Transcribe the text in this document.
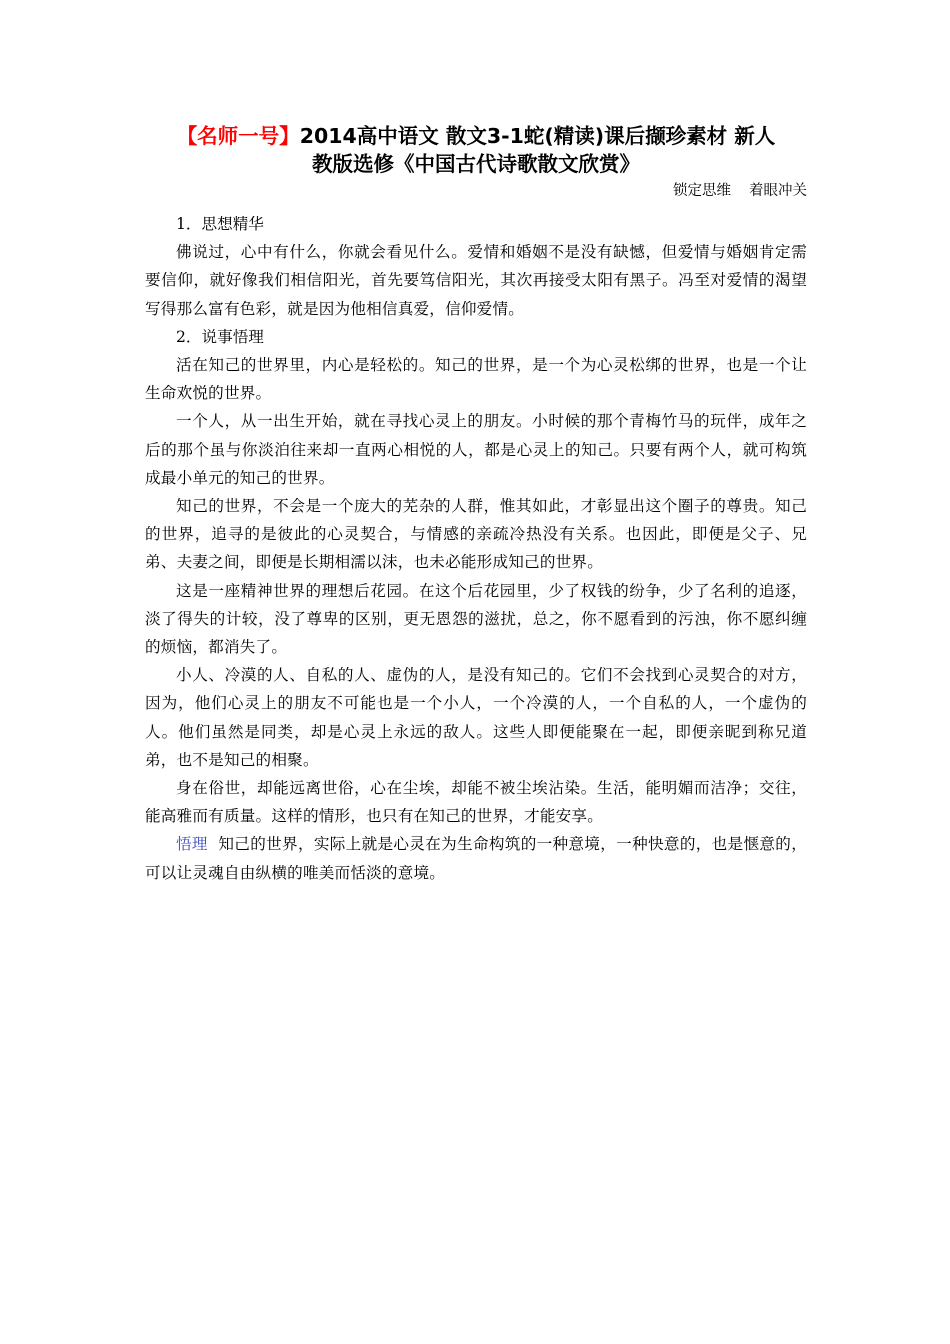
【名师一号】2014高中语文 散文3-1蛇(精读)课后撷珍素材 新人
教版选修《中国古代诗歌散文欣赏》
锁定思维 着眼冲关

1．思想精华

佛说过，心中有什么，你就会看见什么。爱情和婚姻不是没有缺憾，但爱情与婚姻肯定需要信仰，就好像我们相信阳光，首先要笃信阳光，其次再接受太阳有黑子。冯至对爱情的渴望写得那么富有色彩，就是因为他相信真爱，信仰爱情。

2．说事悟理

活在知己的世界里，内心是轻松的。知己的世界，是一个为心灵松绑的世界，也是一个让生命欢悦的世界。

一个人，从一出生开始，就在寻找心灵上的朋友。小时候的那个青梅竹马的玩伴，成年之后的那个虽与你淡泊往来却一直两心相悦的人，都是心灵上的知己。只要有两个人，就可构筑成最小单元的知己的世界。

知己的世界，不会是一个庞大的芜杂的人群，惟其如此，才彰显出这个圈子的尊贵。知己的世界，追寻的是彼此的心灵契合，与情感的亲疏冷热没有关系。也因此，即便是父子、兄弟、夫妻之间，即便是长期相濡以沫，也未必能形成知己的世界。

这是一座精神世界的理想后花园。在这个后花园里，少了权钱的纷争，少了名利的追逐，淡了得失的计较，没了尊卑的区别，更无恩怨的滋扰，总之，你不愿看到的污浊，你不愿纠缠的烦恼，都消失了。

小人、冷漠的人、自私的人、虚伪的人，是没有知己的。它们不会找到心灵契合的对方，因为，他们心灵上的朋友不可能也是一个小人，一个冷漠的人，一个自私的人，一个虚伪的人。他们虽然是同类，却是心灵上永远的敌人。这些人即便能聚在一起，即便亲昵到称兄道弟，也不是知己的相聚。

身在俗世，却能远离世俗，心在尘埃，却能不被尘埃沾染。生活，能明媚而洁净；交往，能高雅而有质量。这样的情形，也只有在知己的世界，才能安享。

悟理 知己的世界，实际上就是心灵在为生命构筑的一种意境，一种快意的，也是惬意的，可以让灵魂自由纵横的唯美而恬淡的意境。
